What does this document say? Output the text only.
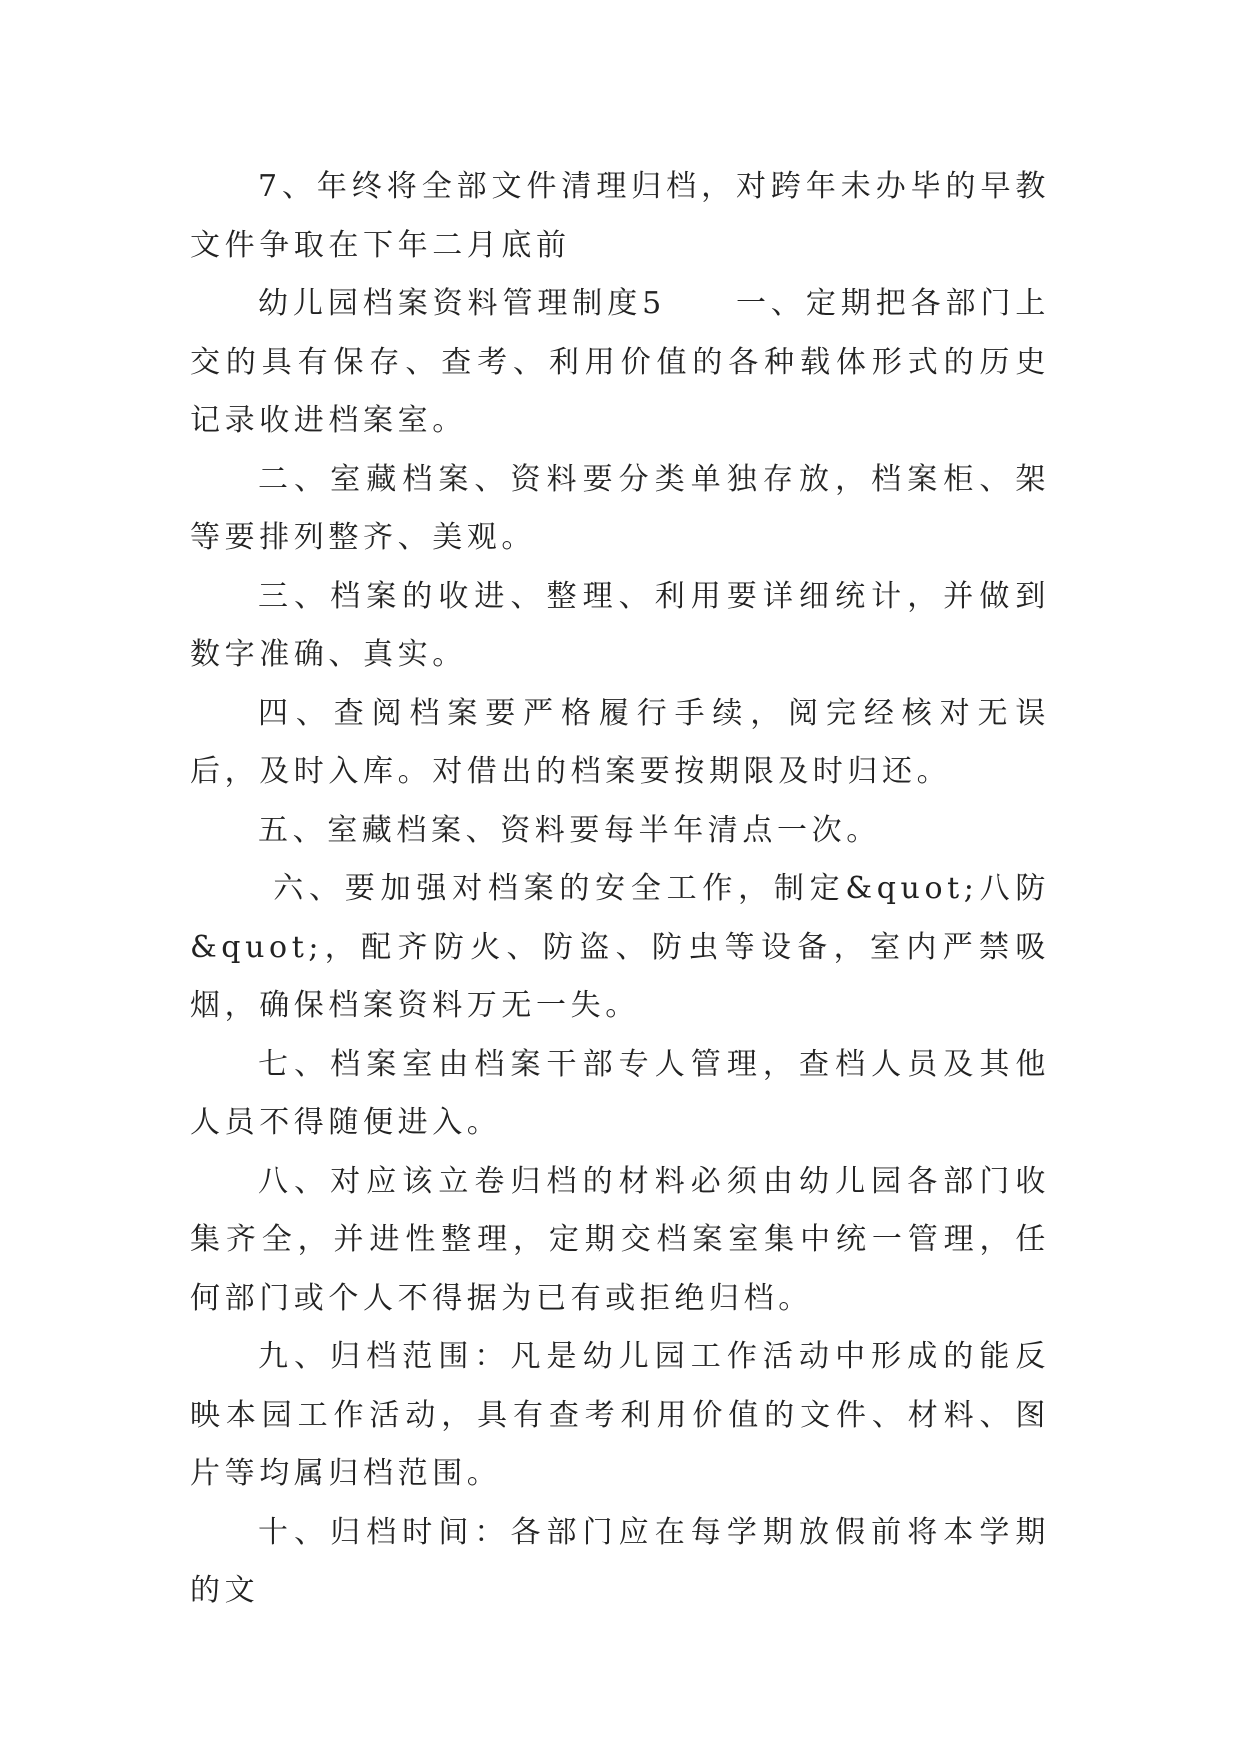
7、年终将全部文件清理归档，对跨年未办毕的早教文件争取在下年二月底前

幼儿园档案资料管理制度5　　一、定期把各部门上交的具有保存、查考、利用价值的各种载体形式的历史记录收进档案室。

二、室藏档案、资料要分类单独存放，档案柜、架等要排列整齐、美观。

三、档案的收进、整理、利用要详细统计，并做到数字准确、真实。

四、查阅档案要严格履行手续，阅完经核对无误后，及时入库。对借出的档案要按期限及时归还。

五、室藏档案、资料要每半年清点一次。

六、要加强对档案的安全工作，制定&quot;八防&quot;，配齐防火、防盗、防虫等设备，室内严禁吸烟，确保档案资料万无一失。

七、档案室由档案干部专人管理，查档人员及其他人员不得随便进入。

八、对应该立卷归档的材料必须由幼儿园各部门收集齐全，并进性整理，定期交档案室集中统一管理，任何部门或个人不得据为已有或拒绝归档。

九、归档范围：凡是幼儿园工作活动中形成的能反映本园工作活动，具有查考利用价值的文件、材料、图片等均属归档范围。

十、归档时间：各部门应在每学期放假前将本学期的文
